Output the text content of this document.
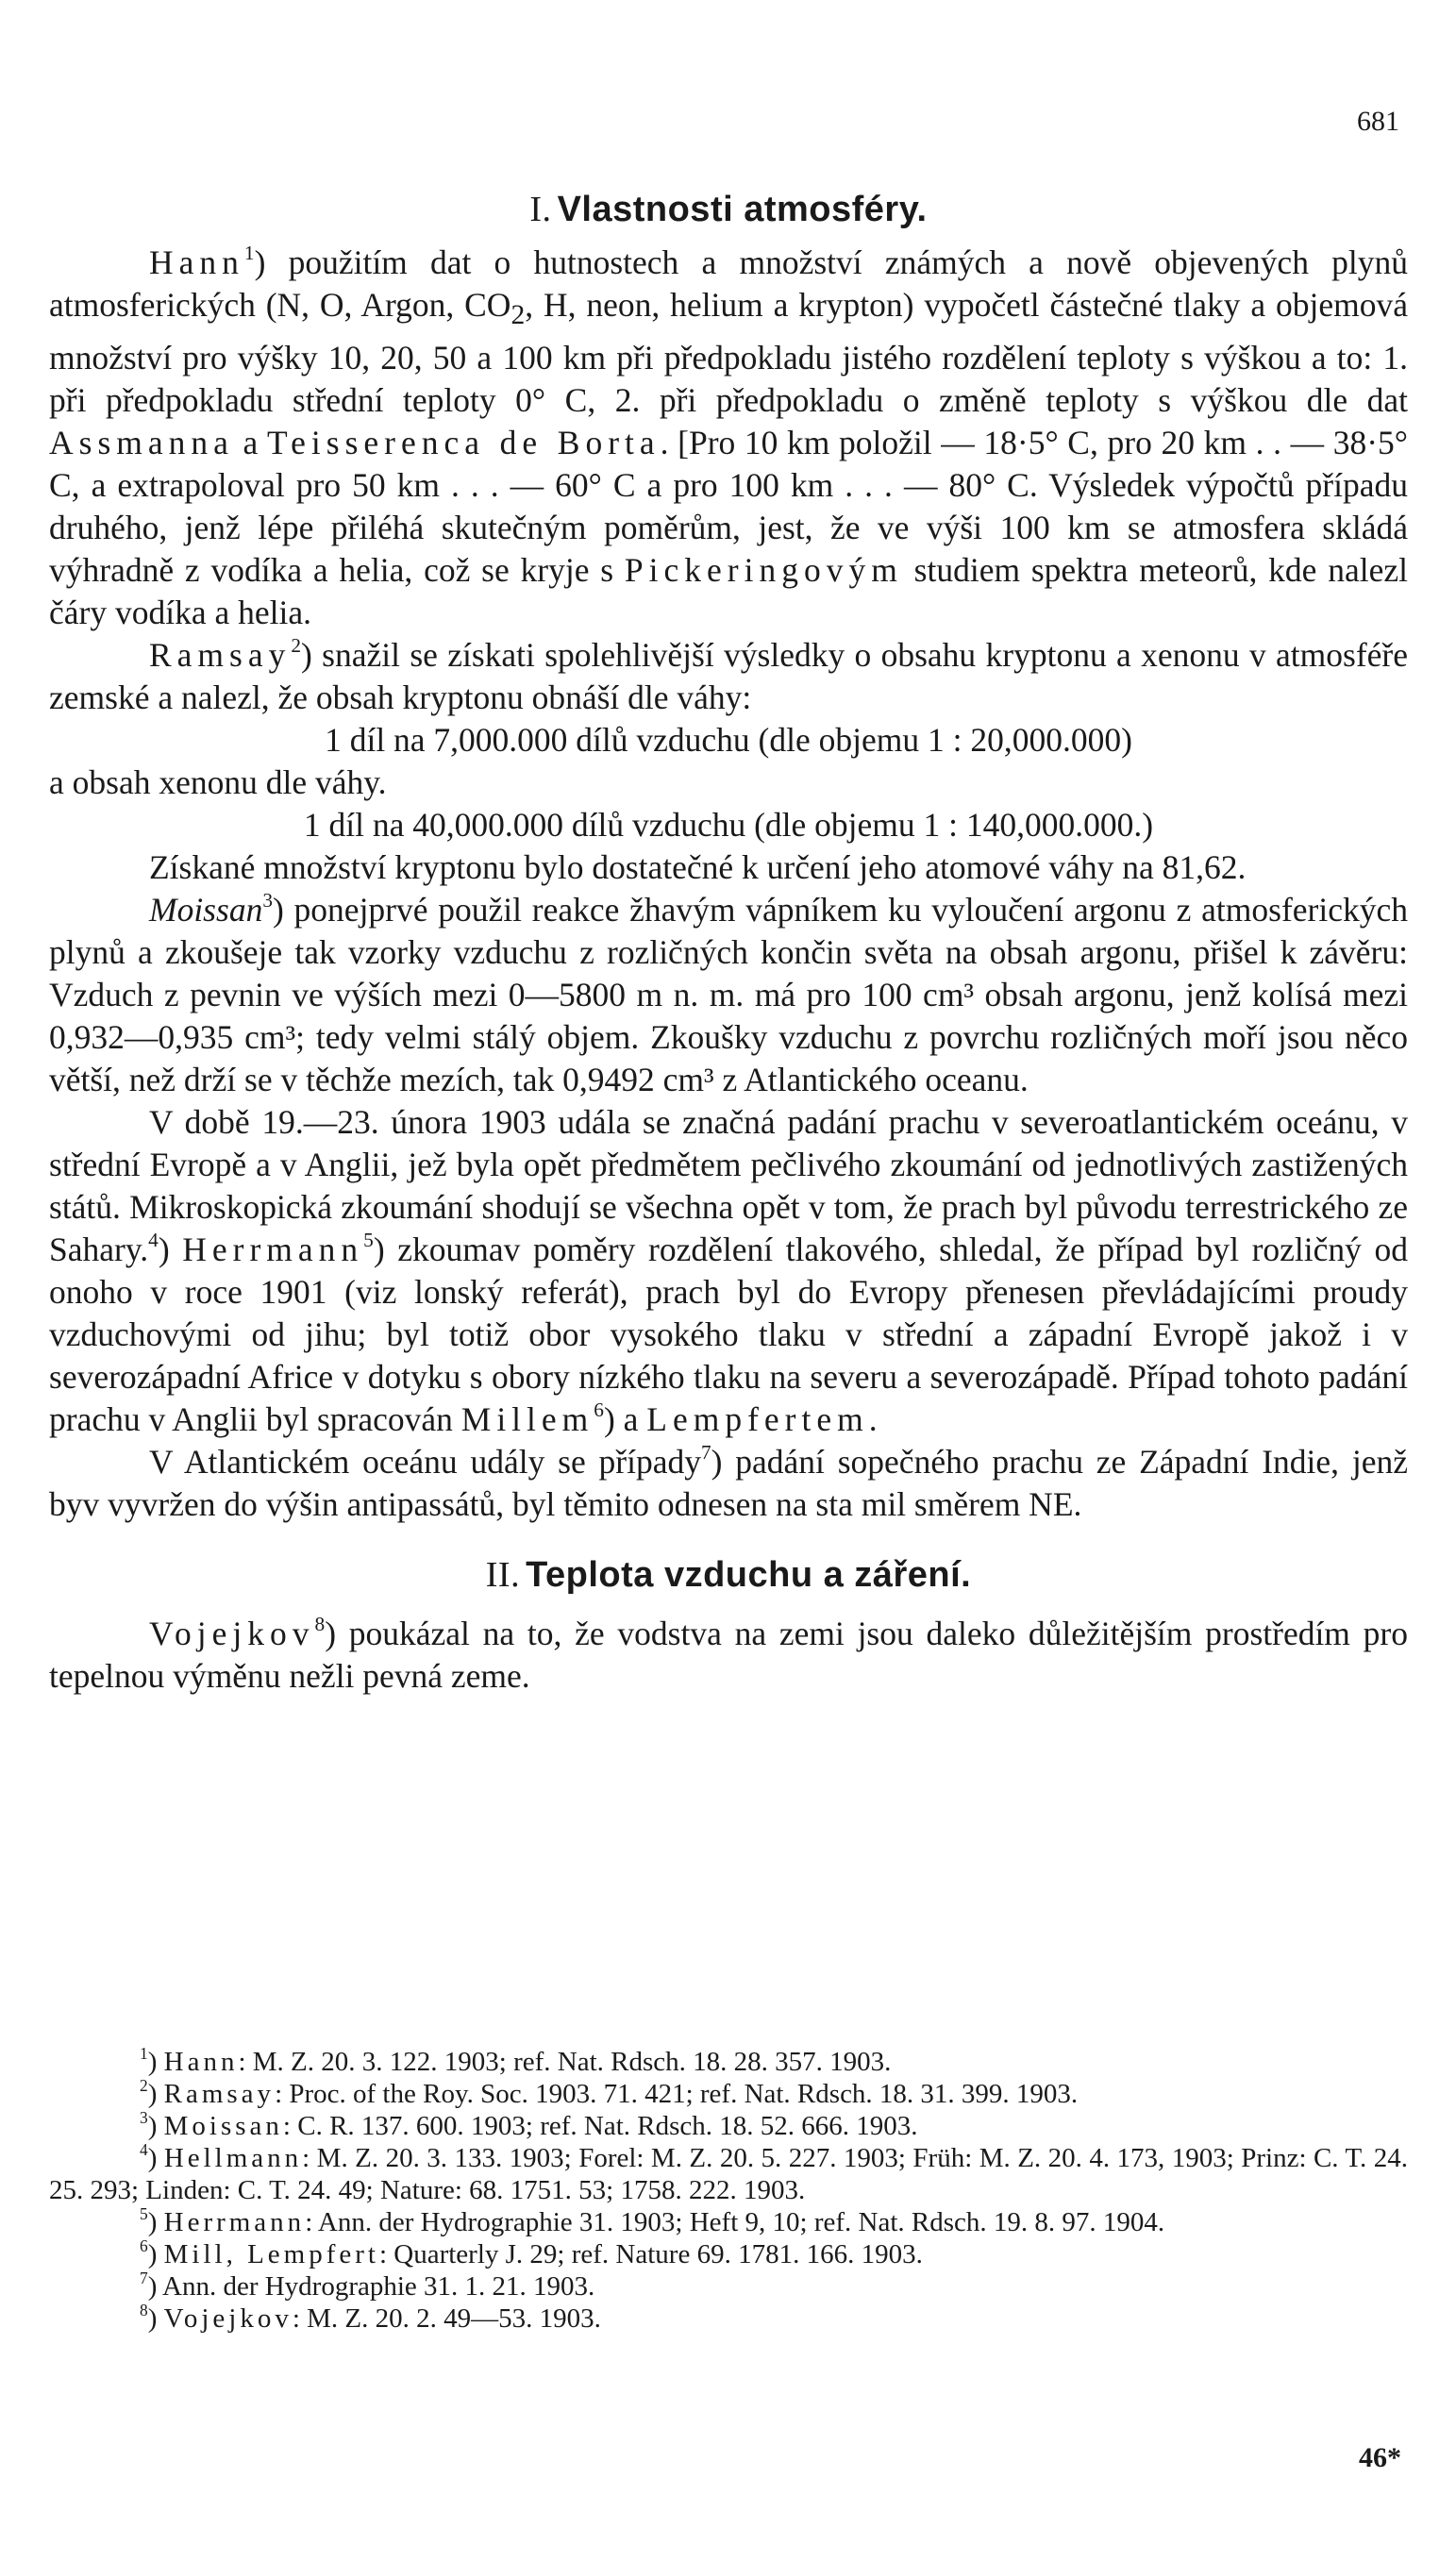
681
I. Vlastnosti atmosféry.

Hann$^1$) použitím dat o hutnostech a množství známých a nově objevených plynů atmosferických (N, O, Argon, $CO_2$, H, neon, helium a krypton) vypočetl částečné tlaky a objemová množství pro výšky 10, 20, 50 a 100 km při předpokladu jistého rozdělení teploty s výškou a to: 1. při předpokladu střední teploty 0° C, 2. při předpokladu o změně teploty s výškou dle dat Assmanna a Teisserenca de Borta. [Pro 10 km položil — 18·5° C, pro 20 km . . — 38·5° C, a extrapoloval pro 50 km . . . — 60° C a pro 100 km . . . — 80° C. Výsledek výpočtů případu druhého, jenž lépe přiléhá skutečným poměrům, jest, že ve výši 100 km se atmosfera skládá výhradně z vodíka a helia, což se kryje s Pickeringovým studiem spektra meteorů, kde nalezl čáry vodíka a helia.

Ramsay$^2$) snažil se získati spolehlivější výsledky o obsahu kryptonu a xenonu v atmosféře zemské a nalezl, že obsah kryptonu obnáší dle váhy:

1 díl na 7,000.000 dílů vzduchu (dle objemu 1 : 20,000.000)

a obsah xenonu dle váhy.

1 díl na 40,000.000 dílů vzduchu (dle objemu 1 : 140,000.000.)

Získané množství kryptonu bylo dostatečné k určení jeho atomové váhy na 81,62.

Moissan$^3$) ponejprvé použil reakce žhavým vápníkem ku vyloučení argonu z atmosferických plynů a zkoušeje tak vzorky vzduchu z rozličných končin světa na obsah argonu, přišel k závěru: Vzduch z pevnin ve výších mezi 0—5800 m n. m. má pro 100 cm³ obsah argonu, jenž kolísá mezi 0,932—0,935 cm³; tedy velmi stálý objem. Zkoušky vzduchu z povrchu rozličných moří jsou něco větší, než drží se v těchže mezích, tak 0,9492 cm³ z Atlantického oceanu.

V době 19.—23. února 1903 udála se značná padání prachu v severoatlantickém oceánu, v střední Evropě a v Anglii, jež byla opět předmětem pečlivého zkoumání od jednotlivých zastižených států. Mikroskopická zkoumání shodují se všechna opět v tom, že prach byl původu terrestrického ze Sahary.$^4$) Herrmann$^5$) zkoumav poměry rozdělení tlakového, shledal, že případ byl rozličný od onoho v roce 1901 (viz lonský referát), prach byl do Evropy přenesen převládajícími proudy vzduchovými od jihu; byl totiž obor vysokého tlaku v střední a západní Evropě jakož i v severozápadní Africe v dotyku s obory nízkého tlaku na severu a severozápadě. Případ tohoto padání prachu v Anglii byl spracován Millem$^6$) a Lempfertem.

V Atlantickém oceánu udály se případy$^7$) padání sopečného prachu ze Západní Indie, jenž byv vyvržen do výšin antipassátů, byl těmito odnesen na sta mil směrem NE.

II. Teplota vzduchu a záření.

Vojejkov$^8$) poukázal na to, že vodstva na zemi jsou daleko důležitějším prostředím pro tepelnou výměnu nežli pevná zeme.

$^1$) Hann: M. Z. 20. 3. 122. 1903; ref. Nat. Rdsch. 18. 28. 357. 1903.

$^2$) Ramsay: Proc. of the Roy. Soc. 1903. 71. 421; ref. Nat. Rdsch. 18. 31. 399. 1903.

$^3$) Moissan: C. R. 137. 600. 1903; ref. Nat. Rdsch. 18. 52. 666. 1903.

$^4$) Hellmann: M. Z. 20. 3. 133. 1903; Forel: M. Z. 20. 5. 227. 1903; Früh: M. Z. 20. 4. 173, 1903; Prinz: C. T. 24. 25. 293; Linden: C. T. 24. 49; Nature: 68. 1751. 53; 1758. 222. 1903.

$^5$) Herrmann: Ann. der Hydrographie 31. 1903; Heft 9, 10; ref. Nat. Rdsch. 19. 8. 97. 1904.

$^6$) Mill, Lempfert: Quarterly J. 29; ref. Nature 69. 1781. 166. 1903.

$^7$) Ann. der Hydrographie 31. 1. 21. 1903.

$^8$) Vojejkov: M. Z. 20. 2. 49—53. 1903.

46*
